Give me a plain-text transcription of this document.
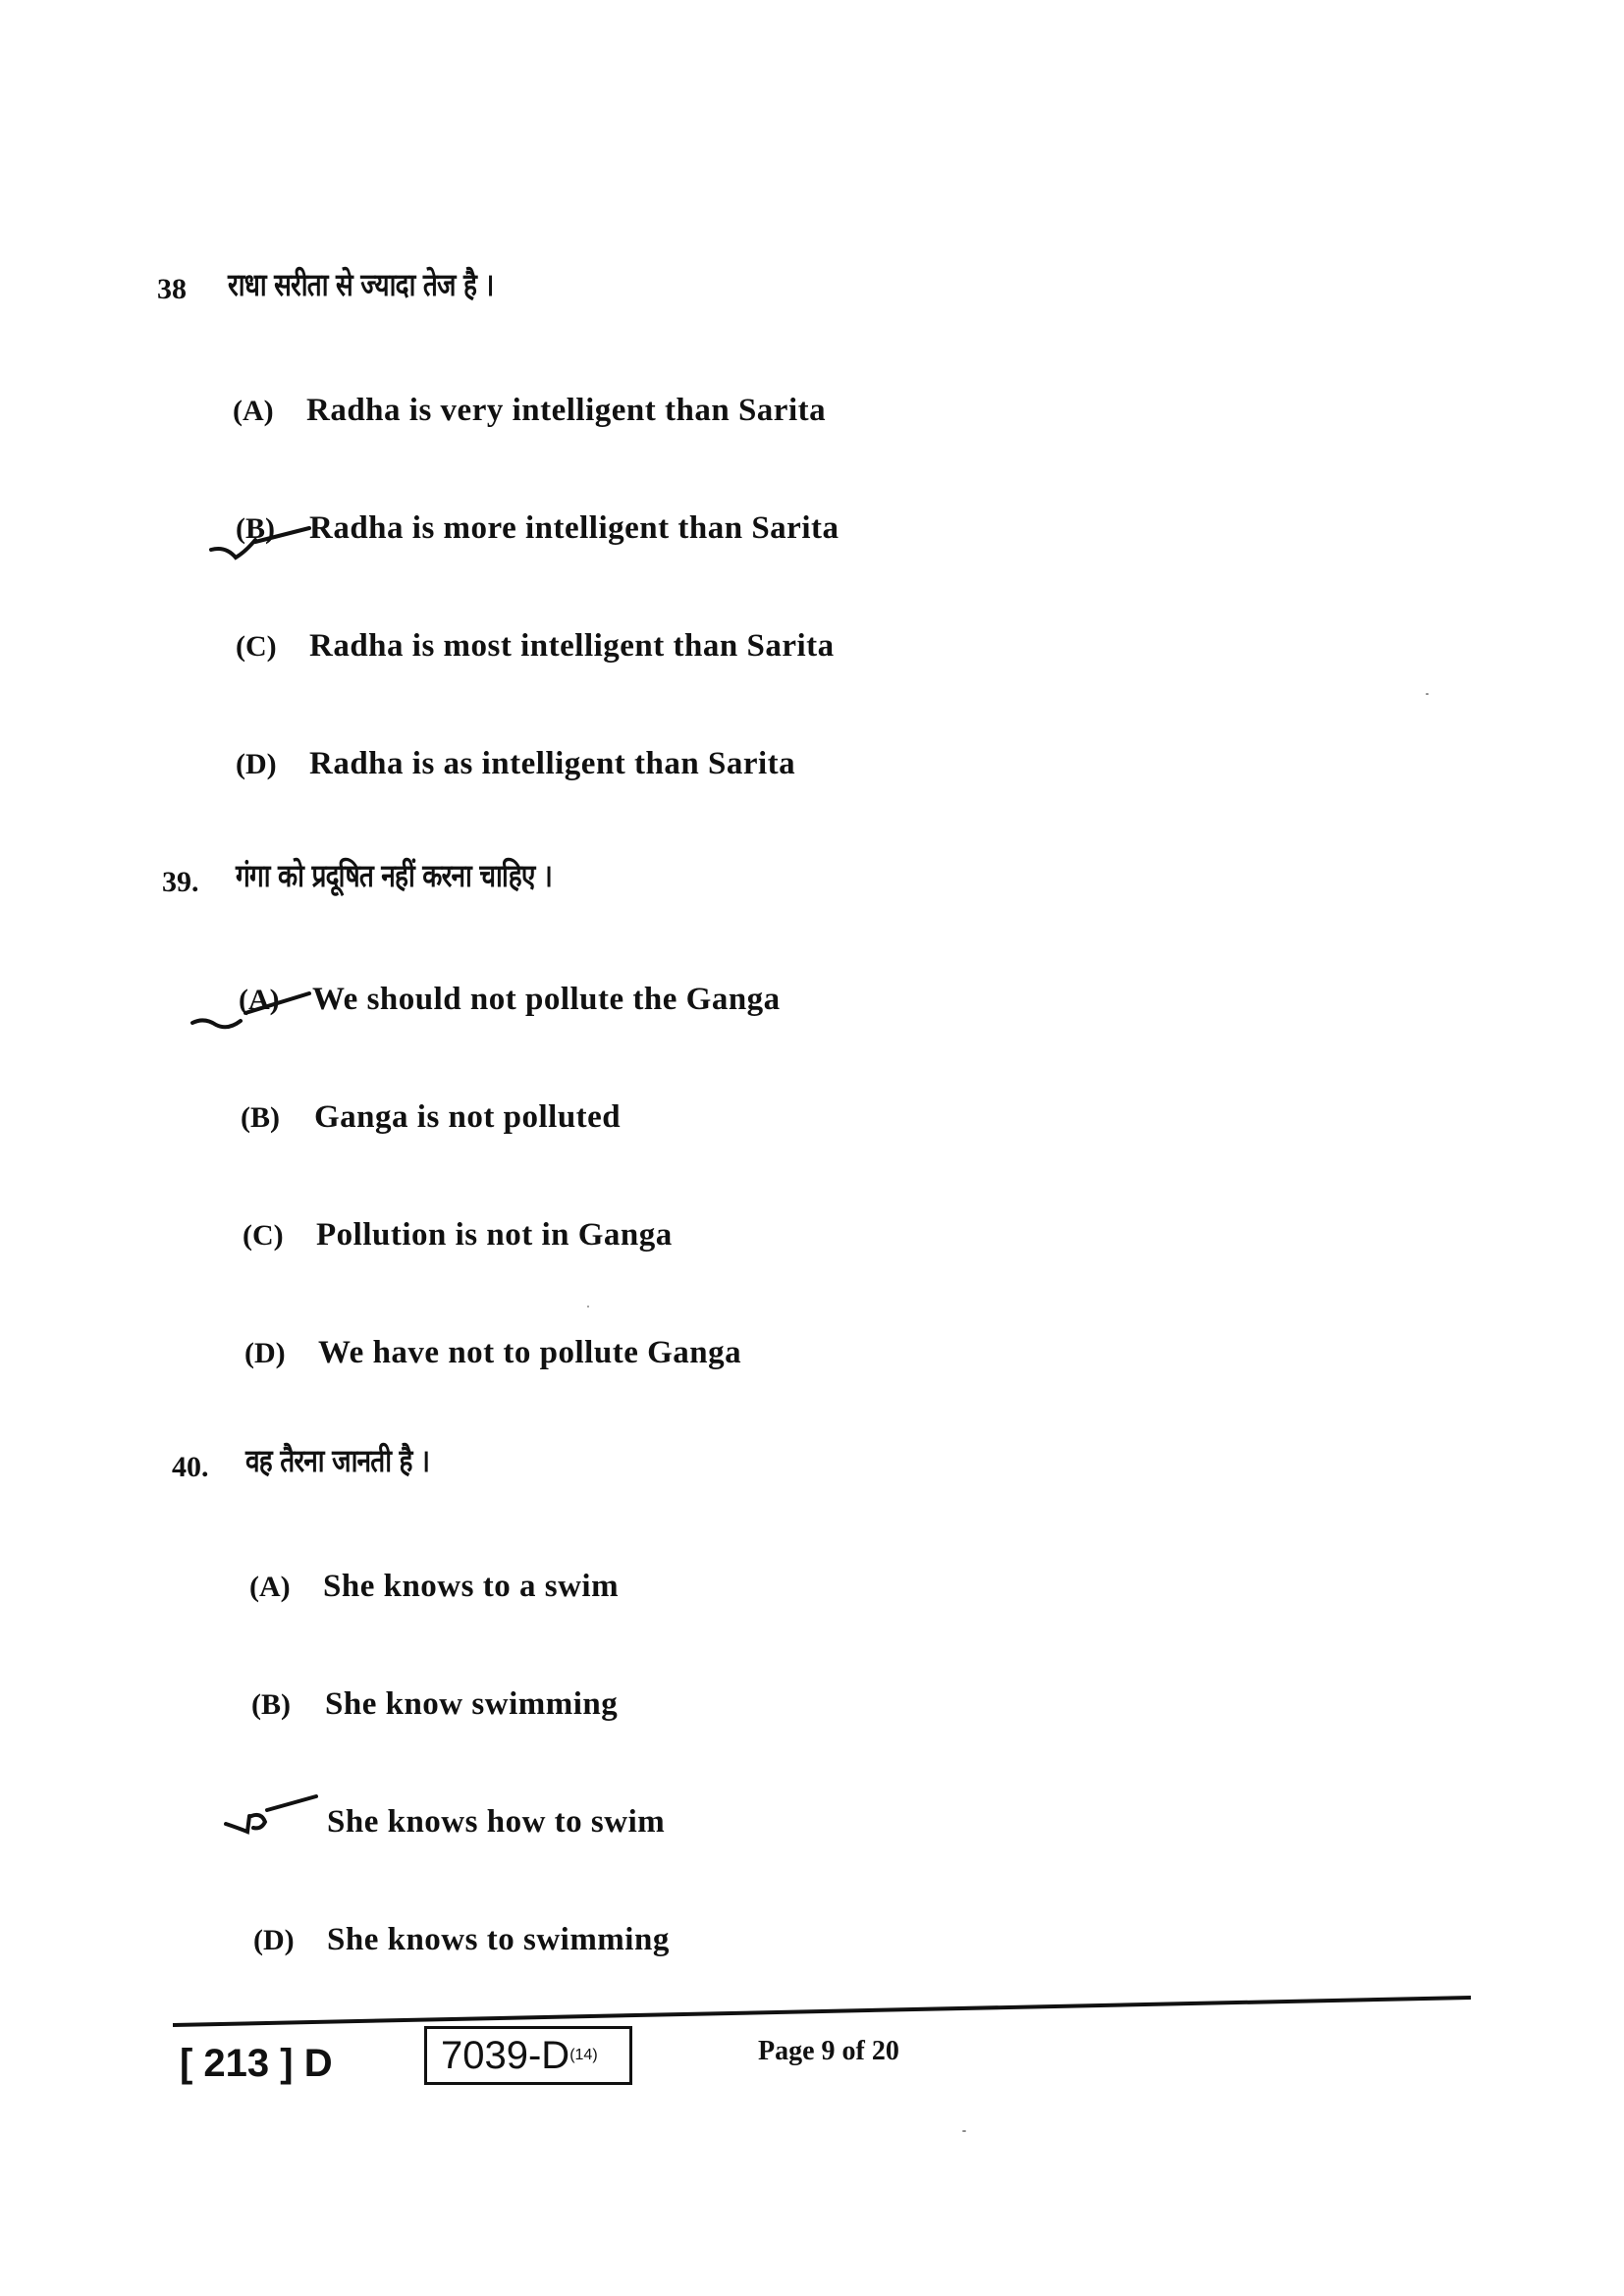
38 राधा सरीता से ज्यादा तेज है ।
(A)	Radha is very intelligent than Sarita
(B)	Radha is more intelligent than Sarita
(C)	Radha is most intelligent than Sarita
(D)	Radha is as intelligent than Sarita
39. गंगा को प्रदूषित नहीं करना चाहिए ।
(A)	We should not pollute the Ganga
(B)	Ganga is not polluted
(C)	Pollution is not in Ganga
(D)	We have not to pollute Ganga
40. वह तैरना जानती है ।
(A)	She knows to a swim
(B)	She know swimming
She knows how to swim
(D)	She knows to swimming
[ 213 ] D	7039-D (14)	Page 9 of 20
